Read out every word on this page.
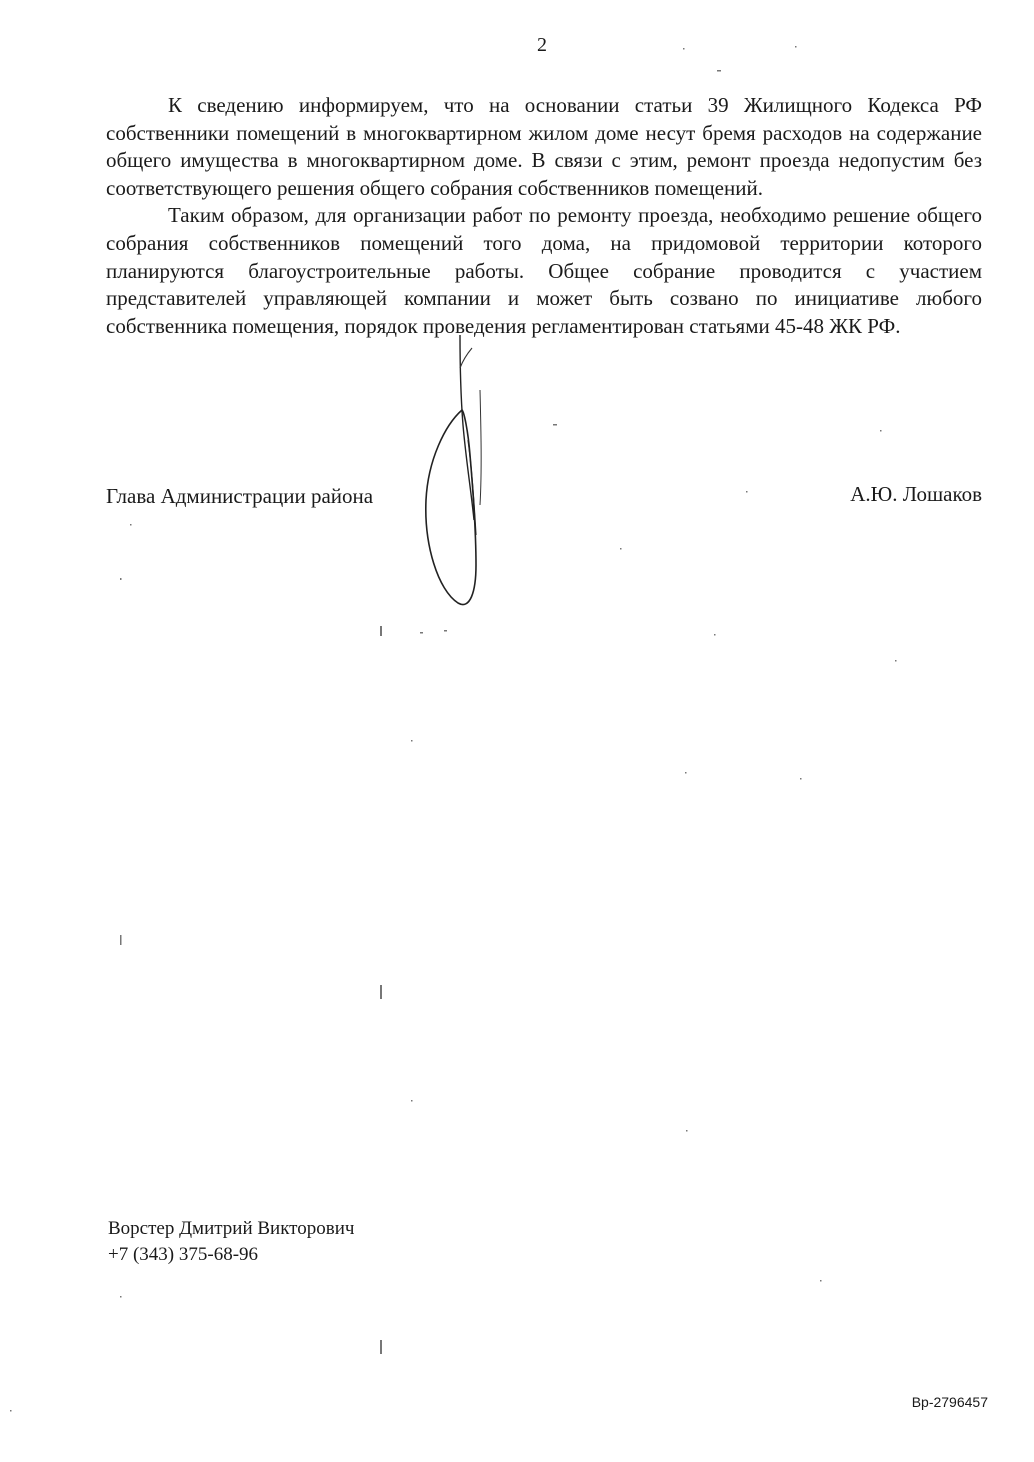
2

К сведению информируем, что на основании статьи 39 Жилищного Кодекса РФ собственники помещений в многоквартирном жилом доме несут бремя расходов на содержание общего имущества в многоквартирном доме. В связи с этим, ремонт проезда недопустим без соответствующего решения общего собрания собственников помещений.

Таким образом, для организации работ по ремонту проезда, необходимо решение общего собрания собственников помещений того дома, на придомовой территории которого планируются благоустроительные работы. Общее собрание проводится с участием представителей управляющей компании и может быть созвано по инициативе любого собственника помещения, порядок проведения регламентирован статьями 45-48 ЖК РФ.

Глава Администрации района	А.Ю. Лошаков
Ворстер Дмитрий Викторович
+7 (343) 375-68-96
Вр-2796457
